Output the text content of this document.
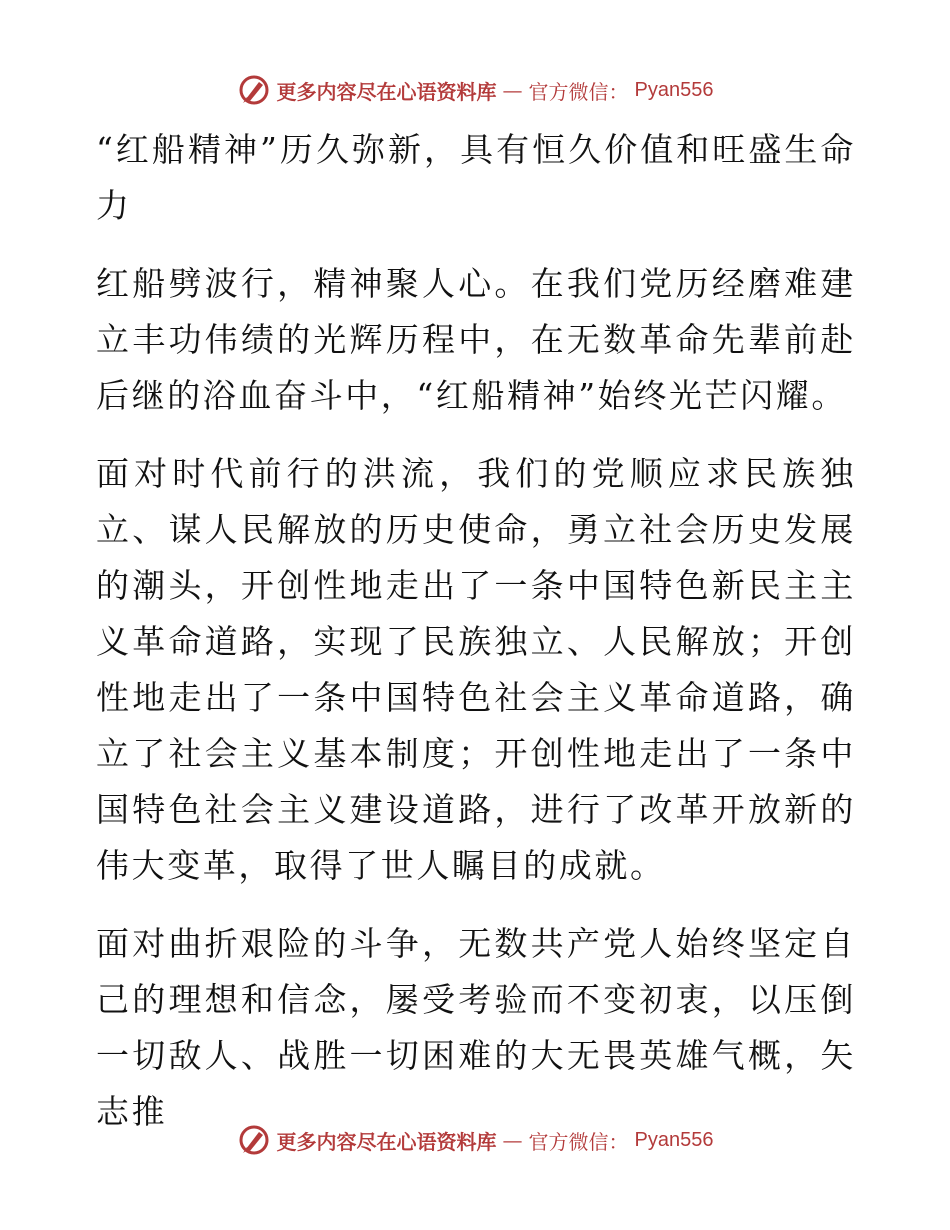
更多内容尽在心语资料库 — 官方微信： Pyan556

“红船精神”历久弥新，具有恒久价值和旺盛生命力

红船劈波行，精神聚人心。在我们党历经磨难建立丰功伟绩的光辉历程中，在无数革命先辈前赴后继的浴血奋斗中，“红船精神”始终光芒闪耀。

面对时代前行的洪流，我们的党顺应求民族独立、谋人民解放的历史使命，勇立社会历史发展的潮头，开创性地走出了一条中国特色新民主主义革命道路，实现了民族独立、人民解放；开创性地走出了一条中国特色社会主义革命道路，确立了社会主义基本制度；开创性地走出了一条中国特色社会主义建设道路，进行了改革开放新的伟大变革，取得了世人瞩目的成就。

面对曲折艰险的斗争，无数共产党人始终坚定自己的理想和信念，屡受考验而不变初衷，以压倒一切敌人、战胜一切困难的大无畏英雄气概，矢志推

更多内容尽在心语资料库 — 官方微信： Pyan556
